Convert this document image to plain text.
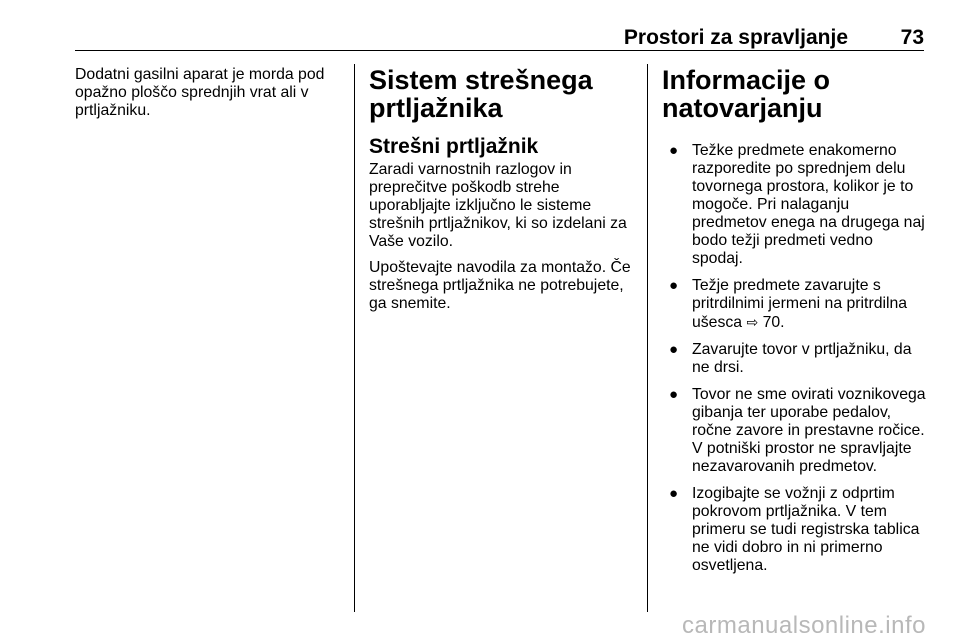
Prostori za spravljanje	73

Dodatni gasilni aparat je morda pod opažno ploščo sprednjih vrat ali v prtljažniku.

Sistem strešnega prtljažnika
Strešni prtljažnik

Zaradi varnostnih razlogov in preprečitve poškodb strehe uporabljajte izključno le sisteme strešnih prtljažnikov, ki so izdelani za Vaše vozilo.

Upoštevajte navodila za montažo. Če strešnega prtljažnika ne potrebujete, ga snemite.

Informacije o natovarjanju
● Težke predmete enakomerno razporedite po sprednjem delu tovornega prostora, kolikor je to mogoče. Pri nalaganju predmetov enega na drugega naj bodo težji predmeti vedno spodaj.
● Težje predmete zavarujte s pritrdilnimi jermeni na pritrdilna ušesca ⇨ 70.
● Zavarujte tovor v prtljažniku, da ne drsi.
● Tovor ne sme ovirati voznikovega gibanja ter uporabe pedalov, ročne zavore in prestavne ročice. V potniški prostor ne spravljajte nezavarovanih predmetov.
● Izogibajte se vožnji z odprtim pokrovom prtljažnika. V tem primeru se tudi registrska tablica ne vidi dobro in ni primerno osvetljena.
carmanualsonline.info
